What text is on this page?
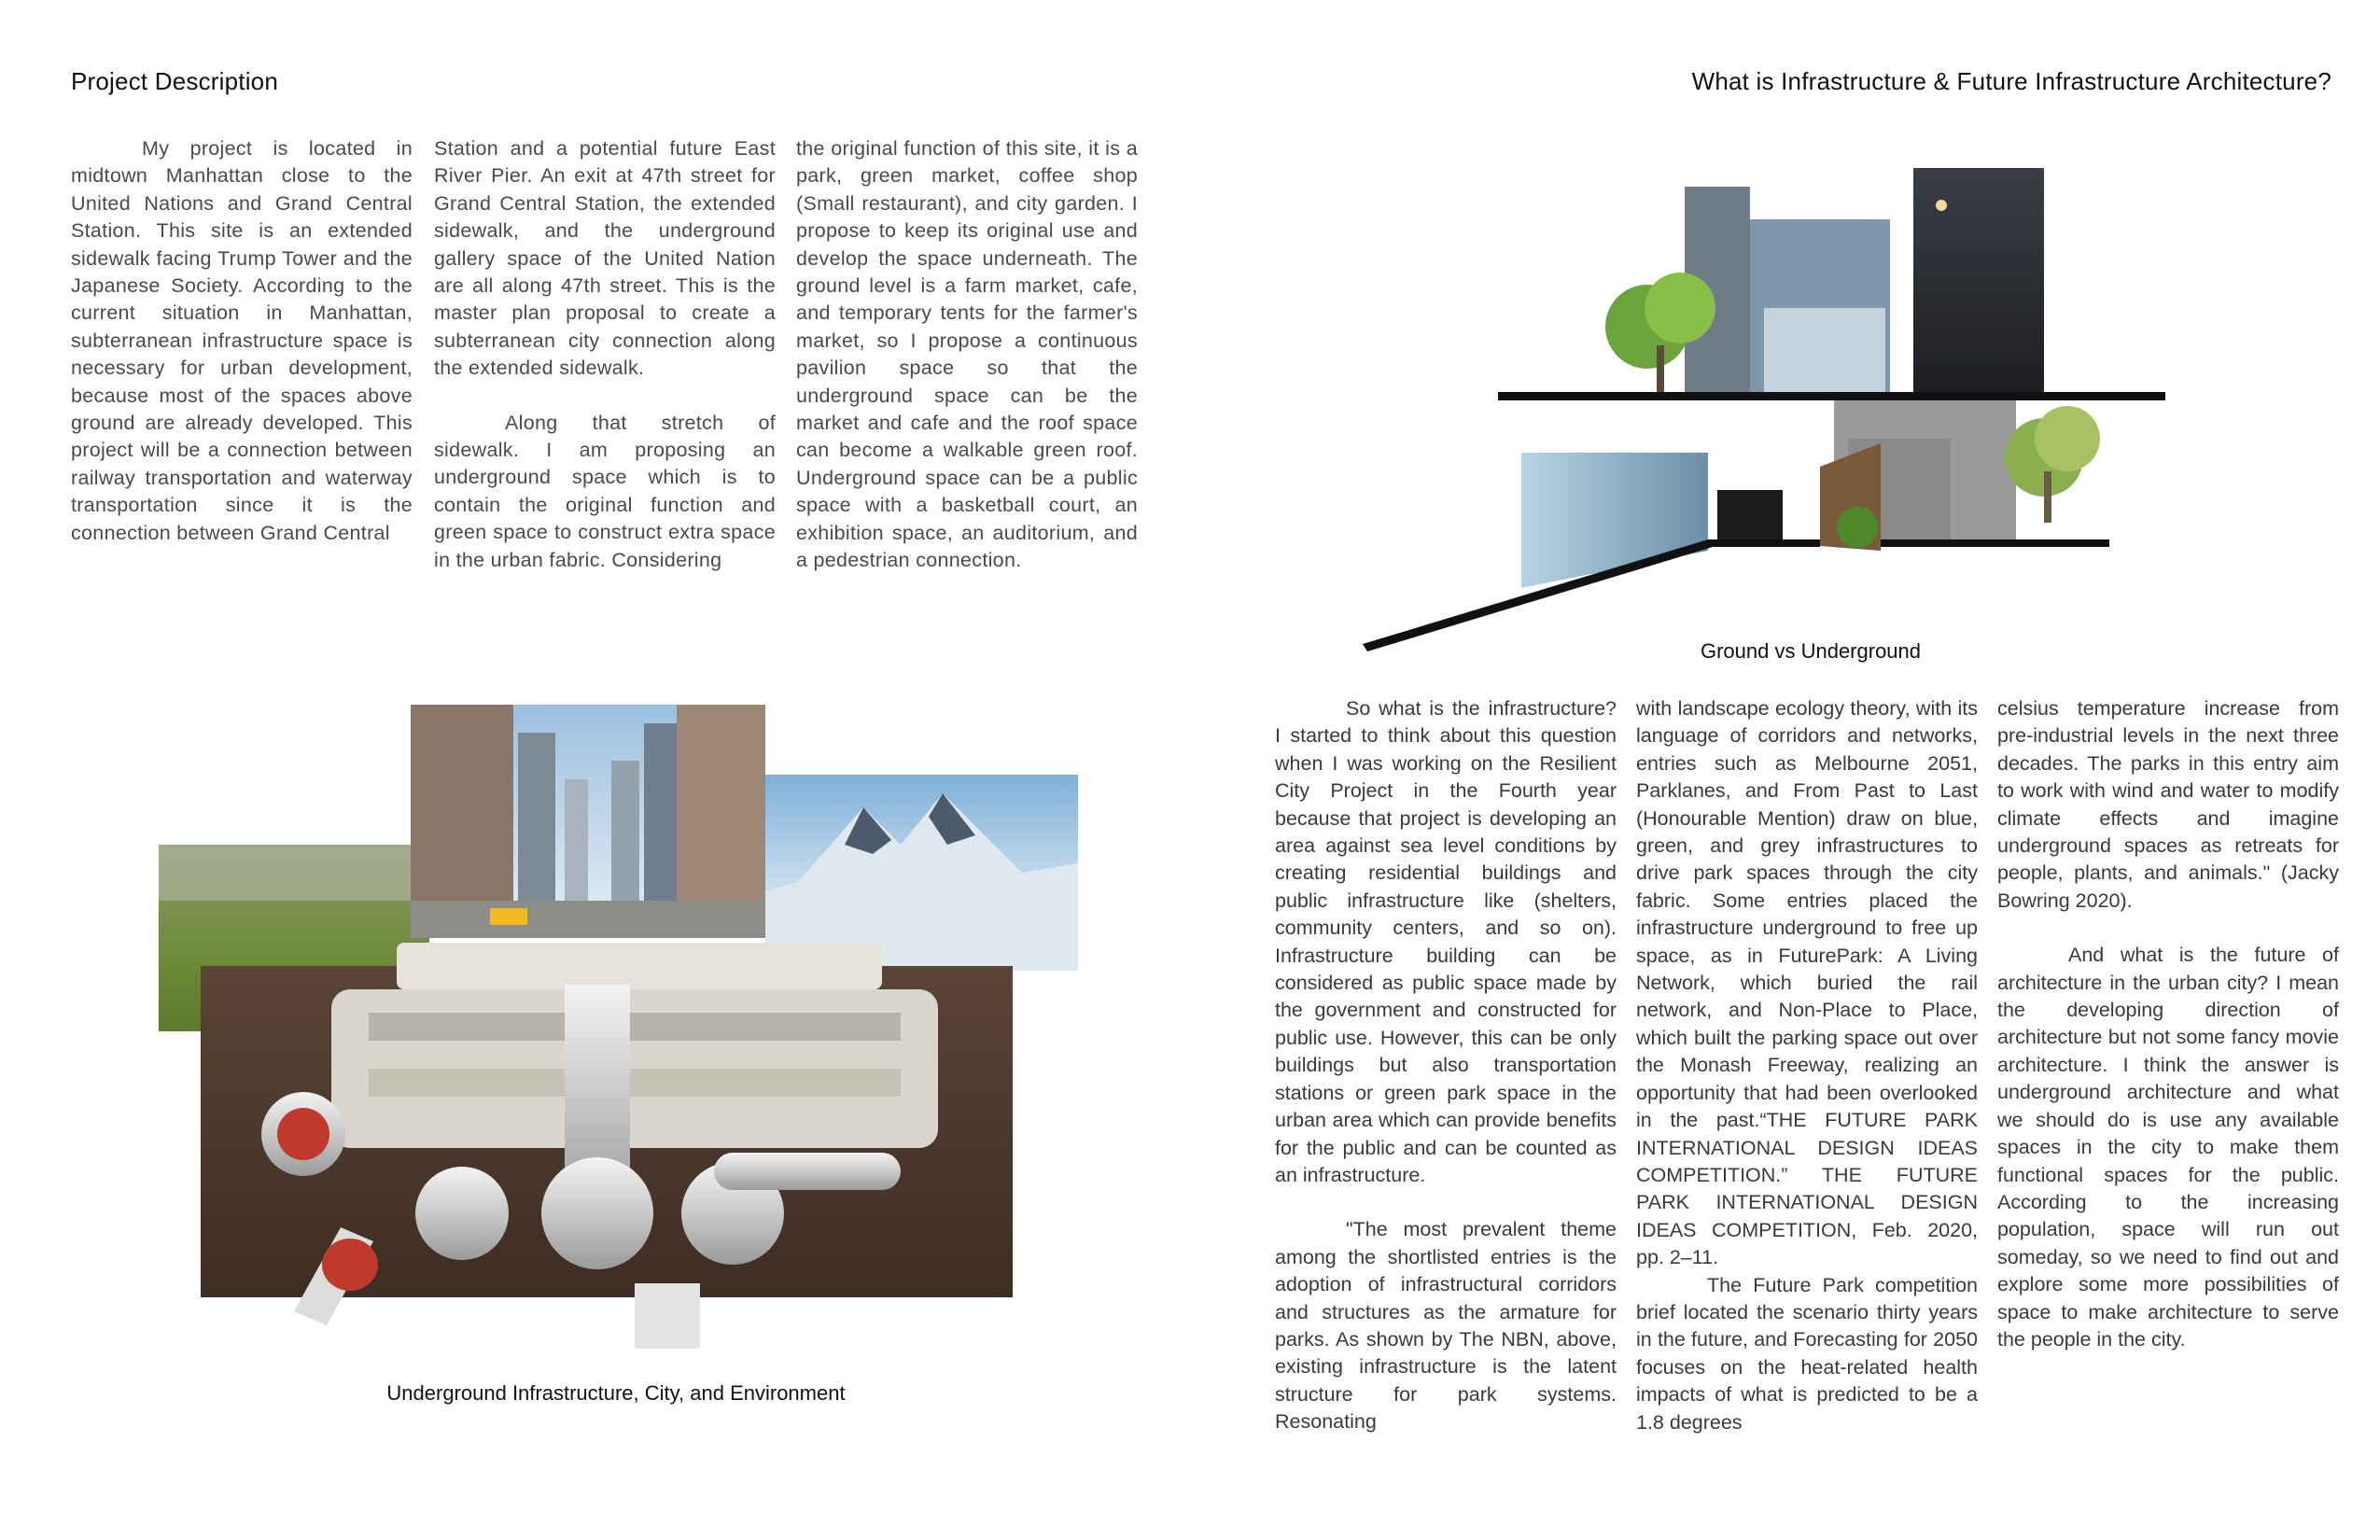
Project Description

My project is located in midtown Manhattan close to the United Nations and Grand Central Station. This site is an extended sidewalk facing Trump Tower and the Japanese Society. According to the current situation in Manhattan, subterranean infrastructure space is necessary for urban development, because most of the spaces above ground are already developed. This project will be a connection between railway transportation and waterway transportation since it is the connection between Grand Central

Station and a potential future East River Pier. An exit at 47th street for Grand Central Station, the extended sidewalk, and the underground gallery space of the United Nation are all along 47th street. This is the master plan proposal to create a subterranean city connection along the extended sidewalk.

Along that stretch of sidewalk. I am proposing an underground space which is to contain the original function and green space to construct extra space in the urban fabric. Considering

the original function of this site, it is a park, green market, coffee shop (Small restaurant), and city garden. I propose to keep its original use and develop the space underneath. The ground level is a farm market, cafe, and temporary tents for the farmer's market, so I propose a continuous pavilion space so that the underground space can be the market and cafe and the roof space can become a walkable green roof. Underground space can be a public space with a basketball court, an exhibition space, an auditorium, and a pedestrian connection.

Underground Infrastructure, City, and Environment
What is Infrastructure & Future Infrastructure Architecture?
Ground vs Underground

So what is the infrastructure? I started to think about this question when I was working on the Resilient City Project in the Fourth year because that project is developing an area against sea level conditions by creating residential buildings and public infrastructure like (shelters, community centers, and so on). Infrastructure building can be considered as public space made by the government and constructed for public use. However, this can be only buildings but also transportation stations or green park space in the urban area which can provide benefits for the public and can be counted as an infrastructure.

"The most prevalent theme among the shortlisted entries is the adoption of infrastructural corridors and structures as the armature for parks. As shown by The NBN, above, existing infrastructure is the latent structure for park systems. Resonating

with landscape ecology theory, with its language of corridors and networks, entries such as Melbourne 2051, Parklanes, and From Past to Last (Honourable Mention) draw on blue, green, and grey infrastructures to drive park spaces through the city fabric. Some entries placed the infrastructure underground to free up space, as in FuturePark: A Living Network, which buried the rail network, and Non-Place to Place, which built the parking space out over the Monash Freeway, realizing an opportunity that had been overlooked in the past.“THE FUTURE PARK INTERNATIONAL DESIGN IDEAS COMPETITION.” THE FUTURE PARK INTERNATIONAL DESIGN IDEAS COMPETITION, Feb. 2020, pp. 2–11.

The Future Park competition brief located the scenario thirty years in the future, and Forecasting for 2050 focuses on the heat-related health impacts of what is predicted to be a 1.8 degrees

celsius temperature increase from pre-industrial levels in the next three decades. The parks in this entry aim to work with wind and water to modify climate effects and imagine underground spaces as retreats for people, plants, and animals." (Jacky Bowring 2020).

And what is the future of architecture in the urban city? I mean the developing direction of architecture but not some fancy movie architecture. I think the answer is underground architecture and what we should do is use any available spaces in the city to make them functional spaces for the public. According to the increasing population, space will run out someday, so we need to find out and explore some more possibilities of space to make architecture to serve the people in the city.
